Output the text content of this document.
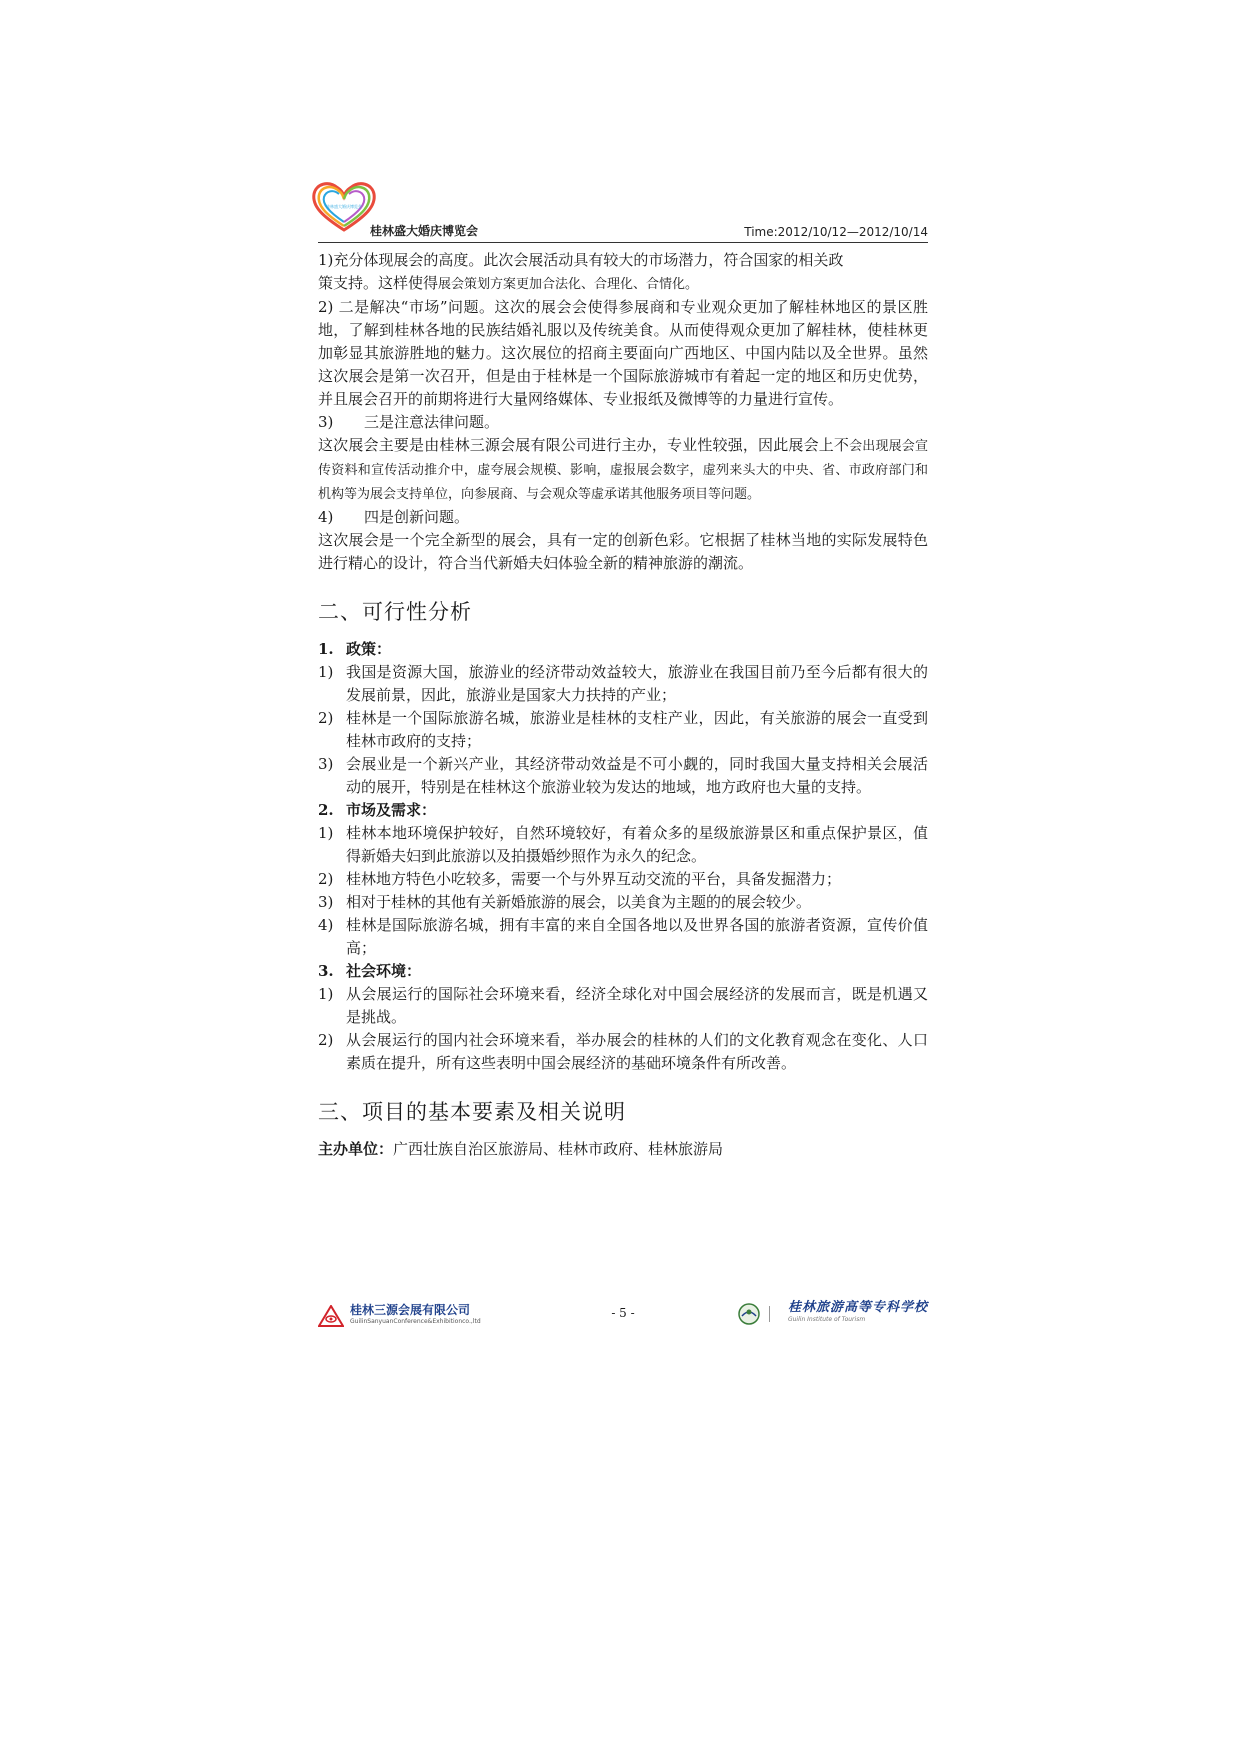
桂林盛大婚庆博览会
桂林盛大婚庆博览会	Time:2012/10/12—2012/10/14

1)充分体现展会的高度。此次会展活动具有较大的市场潜力，符合国家的相关政

策支持。这样使得展会策划方案更加合法化、合理化、合情化。

2) 二是解决“市场”问题。这次的展会会使得参展商和专业观众更加了解桂林地区的景区胜地，了解到桂林各地的民族结婚礼服以及传统美食。从而使得观众更加了解桂林，使桂林更加彰显其旅游胜地的魅力。这次展位的招商主要面向广西地区、中国内陆以及全世界。虽然这次展会是第一次召开，但是由于桂林是一个国际旅游城市有着起一定的地区和历史优势，并且展会召开的前期将进行大量网络媒体、专业报纸及微博等的力量进行宣传。

3)	三是注意法律问题。

这次展会主要是由桂林三源会展有限公司进行主办，专业性较强，因此展会上不会出现展会宣传资料和宣传活动推介中，虚夸展会规模、影响，虚报展会数字，虚列来头大的中央、省、市政府部门和机构等为展会支持单位，向参展商、与会观众等虚承诺其他服务项目等问题。

4)	四是创新问题。

这次展会是一个完全新型的展会，具有一定的创新色彩。它根据了桂林当地的实际发展特色进行精心的设计，符合当代新婚夫妇体验全新的精神旅游的潮流。

二、可行性分析
1. 政策：
1) 我国是资源大国，旅游业的经济带动效益较大，旅游业在我国目前乃至今后都有很大的发展前景，因此，旅游业是国家大力扶持的产业；
2) 桂林是一个国际旅游名城，旅游业是桂林的支柱产业，因此，有关旅游的展会一直受到桂林市政府的支持；
3) 会展业是一个新兴产业，其经济带动效益是不可小觑的，同时我国大量支持相关会展活动的展开，特别是在桂林这个旅游业较为发达的地域，地方政府也大量的支持。
2. 市场及需求：
1) 桂林本地环境保护较好，自然环境较好，有着众多的星级旅游景区和重点保护景区，值得新婚夫妇到此旅游以及拍摄婚纱照作为永久的纪念。
2) 桂林地方特色小吃较多，需要一个与外界互动交流的平台，具备发掘潜力；
3) 相对于桂林的其他有关新婚旅游的展会，以美食为主题的的展会较少。
4) 桂林是国际旅游名城，拥有丰富的来自全国各地以及世界各国的旅游者资源，宣传价值高；
3. 社会环境：
1) 从会展运行的国际社会环境来看，经济全球化对中国会展经济的发展而言，既是机遇又是挑战。
2) 从会展运行的国内社会环境来看，举办展会的桂林的人们的文化教育观念在变化、人口素质在提升，所有这些表明中国会展经济的基础环境条件有所改善。
三、项目的基本要素及相关说明

主办单位：广西壮族自治区旅游局、桂林市政府、桂林旅游局

桂林三源会展有限公司
GuilinSanyuanConference&Exhibitionco.,ltd
- 5 -	桂林旅游高等专科学校
Guilin Institute of Tourism
